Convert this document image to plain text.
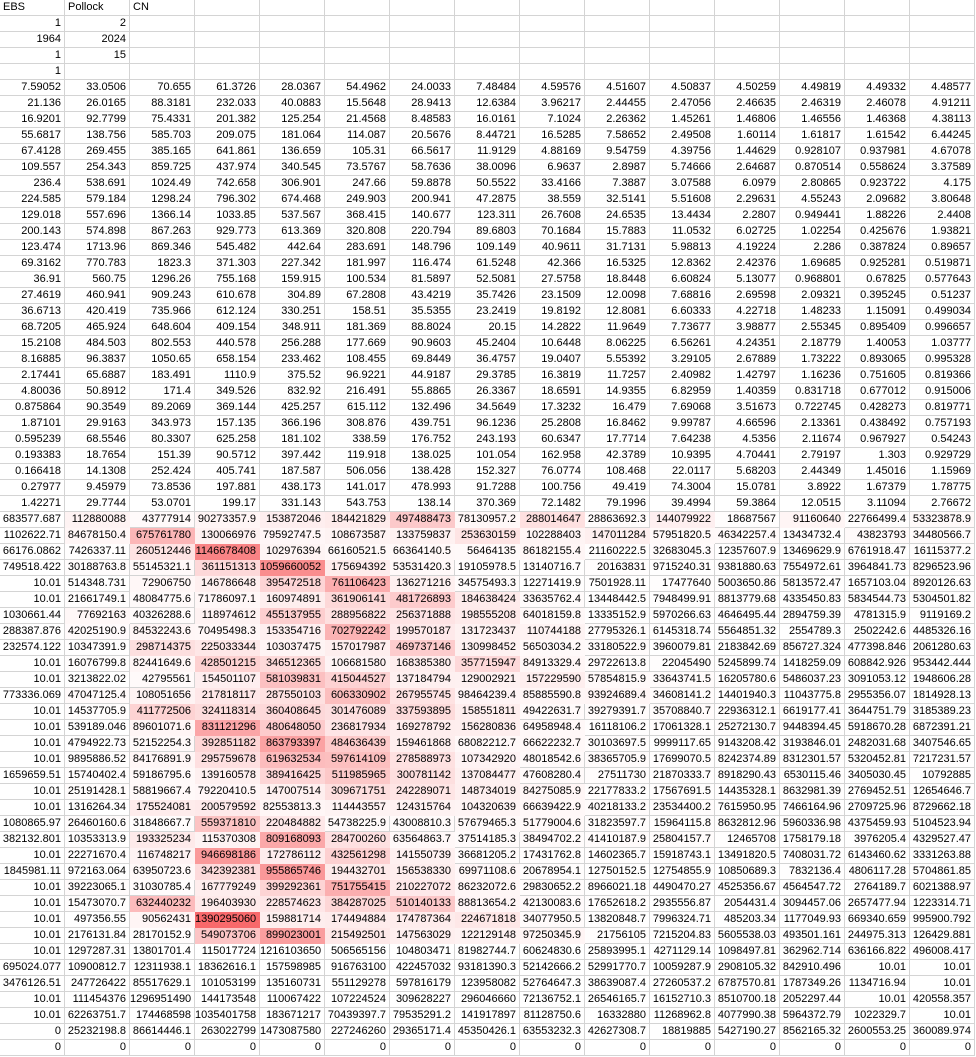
EBS	Pollock	CN
1	2
1964	2024
1	15
1
7.59052	33.0506	70.655	61.3726	28.0367	54.4962	24.0033	7.48484	4.59576	4.51607	4.50837	4.50259	4.49819	4.49332	4.48577
21.136	26.0165	88.3181	232.033	40.0883	15.5648	28.9413	12.6384	3.96217	2.44455	2.47056	2.46635	2.46319	2.46078	4.91211
16.9201	92.7799	75.4331	201.382	125.254	21.4568	8.48583	16.0161	7.1024	2.26362	1.45261	1.46806	1.46556	1.46368	4.38113
55.6817	138.756	585.703	209.075	181.064	114.087	20.5676	8.44721	16.5285	7.58652	2.49508	1.60114	1.61817	1.61542	6.44245
67.4128	269.455	385.165	641.861	136.659	105.31	66.5617	11.9129	4.88169	9.54759	4.39756	1.44629	0.928107	0.937981	4.67078
109.557	254.343	859.725	437.974	340.545	73.5767	58.7636	38.0096	6.9637	2.8987	5.74666	2.64687	0.870514	0.558624	3.37589
236.4	538.691	1024.49	742.658	306.901	247.66	59.8878	50.5522	33.4166	7.3887	3.07588	6.0979	2.80865	0.923722	4.175
224.585	579.184	1298.24	796.302	674.468	249.903	200.941	47.2875	38.559	32.5141	5.51608	2.29631	4.55243	2.09682	3.80648
129.018	557.696	1366.14	1033.85	537.567	368.415	140.677	123.311	26.7608	24.6535	13.4434	2.2807	0.949441	1.88226	2.4408
200.143	574.898	867.263	929.773	613.369	320.808	220.794	89.6803	70.1684	15.7883	11.0532	6.02725	1.02254	0.425676	1.93821
123.474	1713.96	869.346	545.482	442.64	283.691	148.796	109.149	40.9611	31.7131	5.98813	4.19224	2.286	0.387824	0.89657
69.3162	770.783	1823.3	371.303	227.342	181.997	116.474	61.5248	42.366	16.5325	12.8362	2.42376	1.69685	0.925281	0.519871
36.91	560.75	1296.26	755.168	159.915	100.534	81.5897	52.5081	27.5758	18.8448	6.60824	5.13077	0.968801	0.67825	0.577643
27.4619	460.941	909.243	610.678	304.89	67.2808	43.4219	35.7426	23.1509	12.0098	7.68816	2.69598	2.09321	0.395245	0.51237
36.6713	420.419	735.966	612.124	330.251	158.51	35.5355	23.2419	19.8192	12.8081	6.60333	4.22718	1.48233	1.15091	0.499034
68.7205	465.924	648.604	409.154	348.911	181.369	88.8024	20.15	14.2822	11.9649	7.73677	3.98877	2.55345	0.895409	0.996657
15.2108	484.503	802.553	440.578	256.288	177.669	90.9603	45.2404	10.6448	8.06225	6.56261	4.24351	2.18779	1.40053	1.03777
8.16885	96.3837	1050.65	658.154	233.462	108.455	69.8449	36.4757	19.0407	5.55392	3.29105	2.67889	1.73222	0.893065	0.995328
2.17441	65.6887	183.491	1110.9	375.52	96.9221	44.9187	29.3785	16.3819	11.7257	2.40982	1.42797	1.16236	0.751605	0.819366
4.80036	50.8912	171.4	349.526	832.92	216.491	55.8865	26.3367	18.6591	14.9355	6.82959	1.40359	0.831718	0.677012	0.915006
0.875864	90.3549	89.2069	369.144	425.257	615.112	132.496	34.5649	17.3232	16.479	7.69068	3.51673	0.722745	0.428273	0.819771
1.87101	29.9163	343.973	157.135	366.196	308.876	439.751	96.1236	25.2808	16.8462	9.99787	4.66596	2.13361	0.438492	0.757193
0.595239	68.5546	80.3307	625.258	181.102	338.59	176.752	243.193	60.6347	17.7714	7.64238	4.5356	2.11674	0.967927	0.54243
0.193383	18.7654	151.39	90.5712	397.442	119.918	138.025	101.054	162.958	42.3789	10.9395	4.70441	2.79197	1.303	0.929729
0.166418	14.1308	252.424	405.741	187.587	506.056	138.428	152.327	76.0774	108.468	22.0117	5.68203	2.44349	1.45016	1.15969
0.27977	9.45979	73.8536	197.881	438.173	141.017	478.993	91.7288	100.756	49.419	74.3004	15.0781	3.8922	1.67379	1.78775
1.42271	29.7744	53.0701	199.17	331.143	543.753	138.14	370.369	72.1482	79.1996	39.4994	59.3864	12.0515	3.11094	2.76672
683577.687 112880088	43777914 90273357.9 153872046 184421829 497488473 78130957.2 288014647 28863692.3 144079922	18687567	91160640 22766499.4 53323878.9
1102622.71 84678150.4 675761780 130066976 79592747.5 108673587 133759837 253630159 102288403 147011284 57951820.5 46342257.4 13434732.4	43823793 34480566.7
66176.0862 7426337.11 260512446 1146678408 102976394 66160521.5 66364140.5	56464135 86182155.4 21160222.5 32683045.3 12357607.9 13469629.9 6761918.47 16115377.2
749518.422 30188763.8 55145321.1 361151313 1059660052 175694392 53531420.3 19105978.5 13140716.7	20163831 9715240.31 9381880.63 7554972.61 3964841.73 8296523.96
10.01 514348.731	72906750 146786648 395472518 761106423 136271216 34575493.3 12271419.9 7501928.11	17477640 5003650.86 5813572.47 1657103.04 8920126.63
10.01 21661749.1 48084775.6 71786097.1 160974891 361906141 481726893 184638424 33635762.4 13448442.5 7948499.91 8813779.68 4335450.83 5834544.73 5304501.82
1030661.44	77692163 40326288.6 118974612 455137955 288956822 256371888 198555208 64018159.8 13335152.9 5970266.63 4646495.44 2894759.39	4781315.9	9119169.2
288387.876 42025190.9 84532243.6 70495498.3 153354716 702792242 199570187 131723437 110744188 27795326.1 6145318.74 5564851.32	2554789.3	2502242.6 4485326.16
232574.122 10347391.9 298714375 225033344 103037475 157017987 469737146 130998452 56503034.2 33180522.9 3960079.81 2183842.69 856727.324 477398.846 2061280.63
10.01 16076799.8 82441649.6 428501215 346512365 106681580 168385380 357715947 84913329.4 29722613.8	22045490 5245899.74 1418259.09 608842.926 953442.444
10.01 3213822.02	42795561 154501107 581039831 415044527 137184794 129002921 157229590 57854815.9 33643741.5 16205780.6 5486037.23 3091053.12 1948606.28
773336.069 47047125.4 108051656 217818117 287550103 606330902 267955745 98464239.4 85885590.8 93924689.4 34608141.2 14401940.3 11043775.8 2955356.07 1814928.13
10.01 14537705.9 411772506 324118314 360408645 301476089 337593895 158551811 49422631.7 39279391.7 35708840.7 22936312.1 6619177.41 3644751.79 3185389.23
10.01 539189.046 89601071.6 831121296 480648050 236817934 169278792 156280836 64958948.4 16118106.2 17061328.1 25272130.7 9448394.45 5918670.28 6872391.21
10.01 4794922.73 52152254.3 392851182 863793397 484636439 159461868 68082212.7 66622232.7 30103697.5 9999117.65 9143208.42 3193846.01 2482031.68 3407546.65
10.01 9895886.52 84176891.9 295759678 619632534 597614109 278588973 107342920 48018542.6 38365705.9 17699070.5 8242374.89 8312301.57 5320452.81 7217231.57
1659659.51 15740402.4 59186795.6 139160578 389416425 511985965 300781142 137084477 47608280.4	27511730 21870333.7 8918290.43 6530115.46 3405030.45	10792885
10.01 25191428.1 58819667.4 79220410.5 147007514 309671751 242289071 148734019 84275085.9 22177833.2 17567691.5 14435328.1 8632981.39 2769452.51 12654646.7
10.01 1316264.34 175524081 200579592 82553813.3 114443557 124315764 104320639 66639422.9 40218133.2 23534400.2 7615950.95 7466164.96 2709725.96 8729662.18
1080865.97 26460160.6 31848667.7 559371810 220484882 54738225.9 43008810.3 57679465.3 51779004.6 31823597.7 15964115.8 8632812.96 5960336.98 4375459.93 5104523.94
382132.801 10353313.9 193325234 115370308 809168093 284700260 63564863.7 37514185.3 38494702.2 41410187.9 25804157.7	12465708 1758179.18	3976205.4 4329527.47
10.01 22271670.4 116748217 946698186 172786112 432561298 141550739 36681205.2 17431762.8 14602365.7 15918743.1 13491820.5 7408031.72 6143460.62 3331263.88
1845981.11 972163.064 63950723.6 342392381 955865746 194432701 156538330 69971108.6 20678954.1 12750152.5 12754855.9 10850689.3	7832136.4 4806117.28 5704861.85
10.01 39223065.1 31030785.4 167779249 399292361 751755415 210227072 86232072.6 29830652.2 8966021.18 4490470.27 4525356.67 4564547.72	2764189.7 6021388.97
10.01 15473070.7 632440232 196403930 228574623 384287025 510140133 88813654.2 42130083.6 17652618.2 2935556.87	2054431.4 3094457.06 2657477.94 1223314.71
10.01	497356.55	90562431 1390295060 159881714 174494884 174787364 224671818 34077950.5 13820848.7 7996324.71	485203.34 1177049.93 669340.659 995900.792
10.01 2176131.84 28170152.9 549073706 899023001 215492501 147563029 122129148 97250345.9	21756105 7215204.83 5605538.03 493501.161 244975.313 126429.881
10.01 1297287.31 13801701.4 115017724 1216103650 506565156 104803471 81982744.7 60624830.6 25893995.1 4271129.14 1098497.81 362962.714 636166.822 496008.417
695024.077 10900812.7 12311938.1 18362616.1 157598985 916763100 422457032 93181390.3 52142666.2 52991770.7 10059287.9 2908105.32 842910.496	10.01	10.01
3476126.51 247726422 85517629.1 101053199 135160731 551129278 597816179 123958082 52764647.3 38639087.4 27260537.2 6787570.81 1787349.26 1134716.94	10.01
10.01	111454376 1296951490 144173548 110067422 107224524 309628227 296046660 72136752.1 26546165.7 16152710.3 8510700.18 2052297.44	10.01 420558.357
10.01 62263751.7 174468598 1035401758 183671217 70439397.7 79535291.2 141917897 81128750.6	16332880 11268962.8 4077990.38 5964372.79	1022329.7	10.01
0 25232198.8 86614446.1 263022799 1473087580 227246260 29365171.4 45350426.1 63553232.3 42627308.7	18819885 5427190.27 8562165.32 2600553.25 360089.974
0	0	0	0	0	0	0	0	0	0	0	0	0	0	0
